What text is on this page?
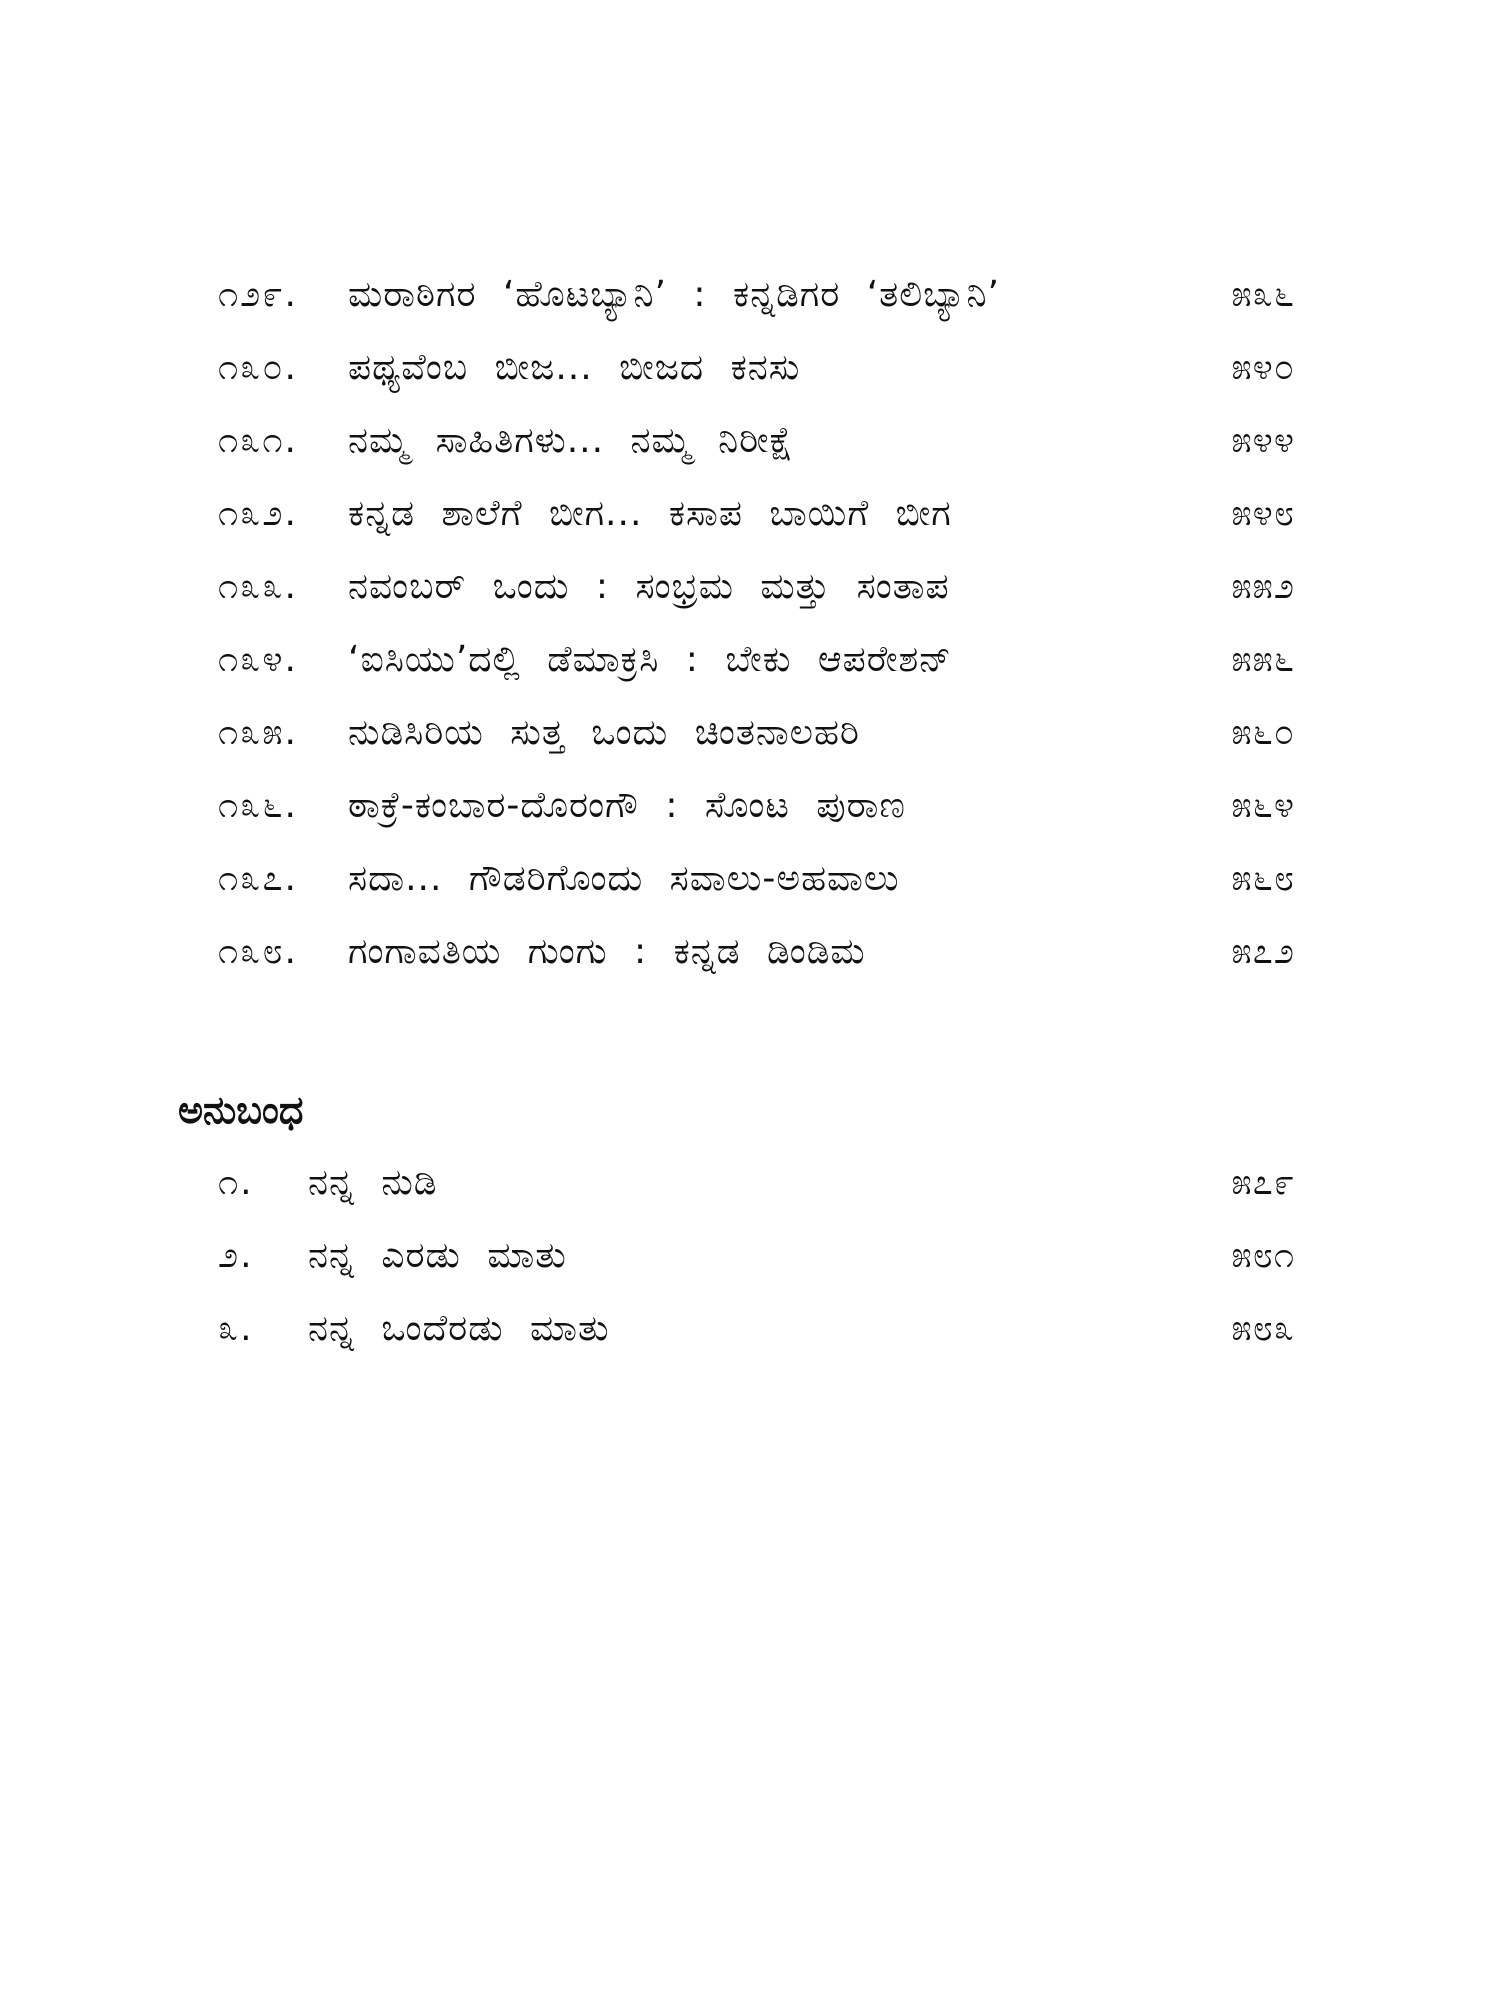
೧೨೯. ಮರಾಠಿಗರ ‘ಹೊಟಬ್ಯಾನಿ’ : ಕನ್ನಡಿಗರ ‘ತಲಿಬ್ಯಾನಿ’	೫೩೬
೧೩೦. ಪಥ್ಯವೆಂಬ ಬೀಜ... ಬೀಜದ ಕನಸು	೫೪೦
೧೩೧. ನಮ್ಮ ಸಾಹಿತಿಗಳು... ನಮ್ಮ ನಿರೀಕ್ಷೆ	೫೪೪
೧೩೨. ಕನ್ನಡ ಶಾಲೆಗೆ ಬೀಗ... ಕಸಾಪ ಬಾಯಿಗೆ ಬೀಗ	೫೪೮
೧೩೩. ನವಂಬರ್ ಒಂದು : ಸಂಭ್ರಮ ಮತ್ತು ಸಂತಾಪ	೫೫೨
೧೩೪. ‘ಐಸಿಯು’ದಲ್ಲಿ ಡೆಮಾಕ್ರಸಿ : ಬೇಕು ಆಪರೇಶನ್	೫೫೬
೧೩೫. ನುಡಿಸಿರಿಯ ಸುತ್ತ ಒಂದು ಚಿಂತನಾಲಹರಿ	೫೬೦
೧೩೬. ಠಾಕ್ರೆ-ಕಂಬಾರ-ದೊರಂಗೌ : ಸೊಂಟ ಪುರಾಣ	೫೬೪
೧೩೭. ಸದಾ... ಗೌಡರಿಗೊಂದು ಸವಾಲು-ಅಹವಾಲು	೫೬೮
೧೩೮. ಗಂಗಾವತಿಯ ಗುಂಗು : ಕನ್ನಡ ಡಿಂಡಿಮ	೫೭೨
ಅನುಬಂಧ
೧. ನನ್ನ ನುಡಿ	೫೭೯
೨. ನನ್ನ ಎರಡು ಮಾತು	೫೮೧
೩. ನನ್ನ ಒಂದೆರಡು ಮಾತು	೫೮೩
